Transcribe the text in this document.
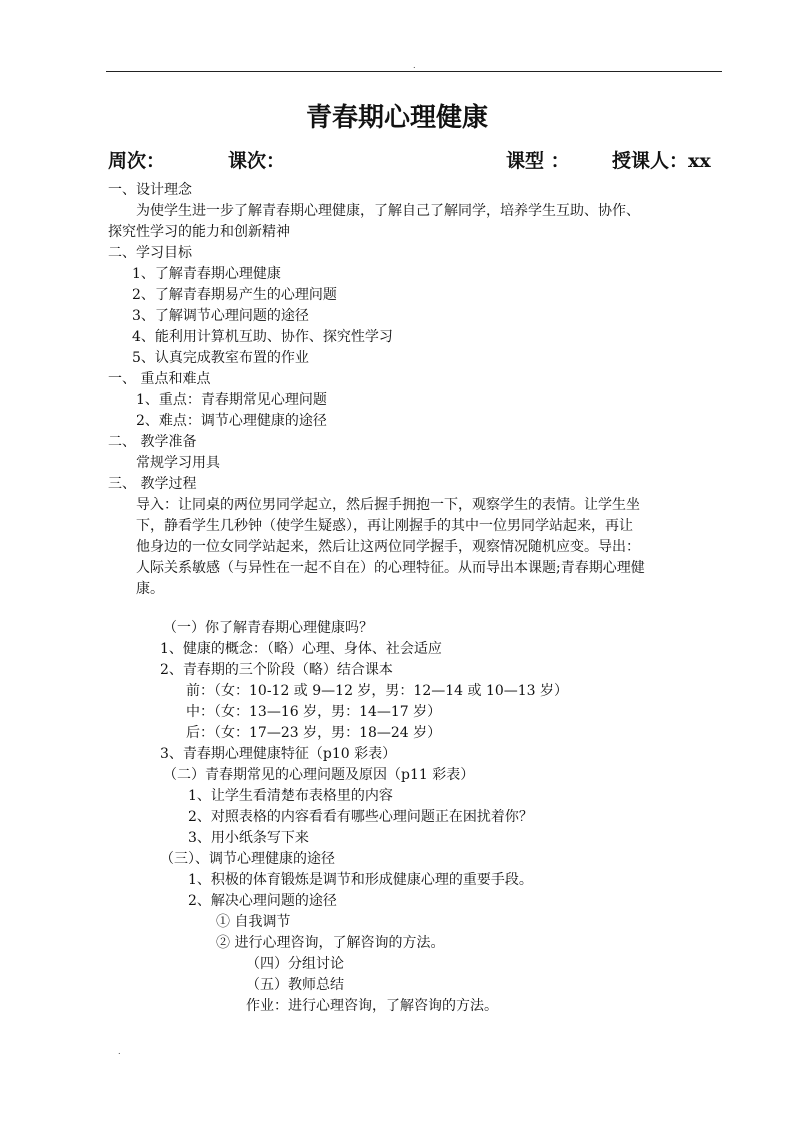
.
青春期心理健康
周次：	课次：	课型 ： 授课人：xx
一、设计理念
为使学生进一步了解青春期心理健康，了解自己了解同学，培养学生互助、协作、
探究性学习的能力和创新精神
二、学习目标
1、了解青春期心理健康
2、了解青春期易产生的心理问题
3、了解调节心理问题的途径
4、能利用计算机互助、协作、探究性学习
5、认真完成教室布置的作业
一、 重点和难点
1、重点：青春期常见心理问题
2、难点：调节心理健康的途径
二、 教学准备
常规学习用具
三、 教学过程
导入：让同桌的两位男同学起立，然后握手拥抱一下，观察学生的表情。让学生坐
下，静看学生几秒钟（使学生疑惑），再让刚握手的其中一位男同学站起来，再让
他身边的一位女同学站起来，然后让这两位同学握手，观察情况随机应变。导出：
人际关系敏感（与异性在一起不自在）的心理特征。从而导出本课题;青春期心理健
康。
（一）你了解青春期心理健康吗？
1、健康的概念：（略）心理、身体、社会适应
2、青春期的三个阶段（略）结合课本
前：（女：10-12 或 9—12 岁，男：12—14 或 10—13 岁）
中：（女：13—16 岁，男：14—17 岁）
后：（女：17—23 岁，男：18—24 岁）
3、青春期心理健康特征（p10 彩表）
（二）青春期常见的心理问题及原因（p11 彩表）
1、让学生看清楚布表格里的内容
2、对照表格的内容看看有哪些心理问题正在困扰着你？
3、用小纸条写下来
（三）、调节心理健康的途径
1、积极的体育锻炼是调节和形成健康心理的重要手段。
2、解决心理问题的途径
① 自我调节
② 进行心理咨询，了解咨询的方法。
（四）分组讨论
（五）教师总结
作业：进行心理咨询，了解咨询的方法。
.
